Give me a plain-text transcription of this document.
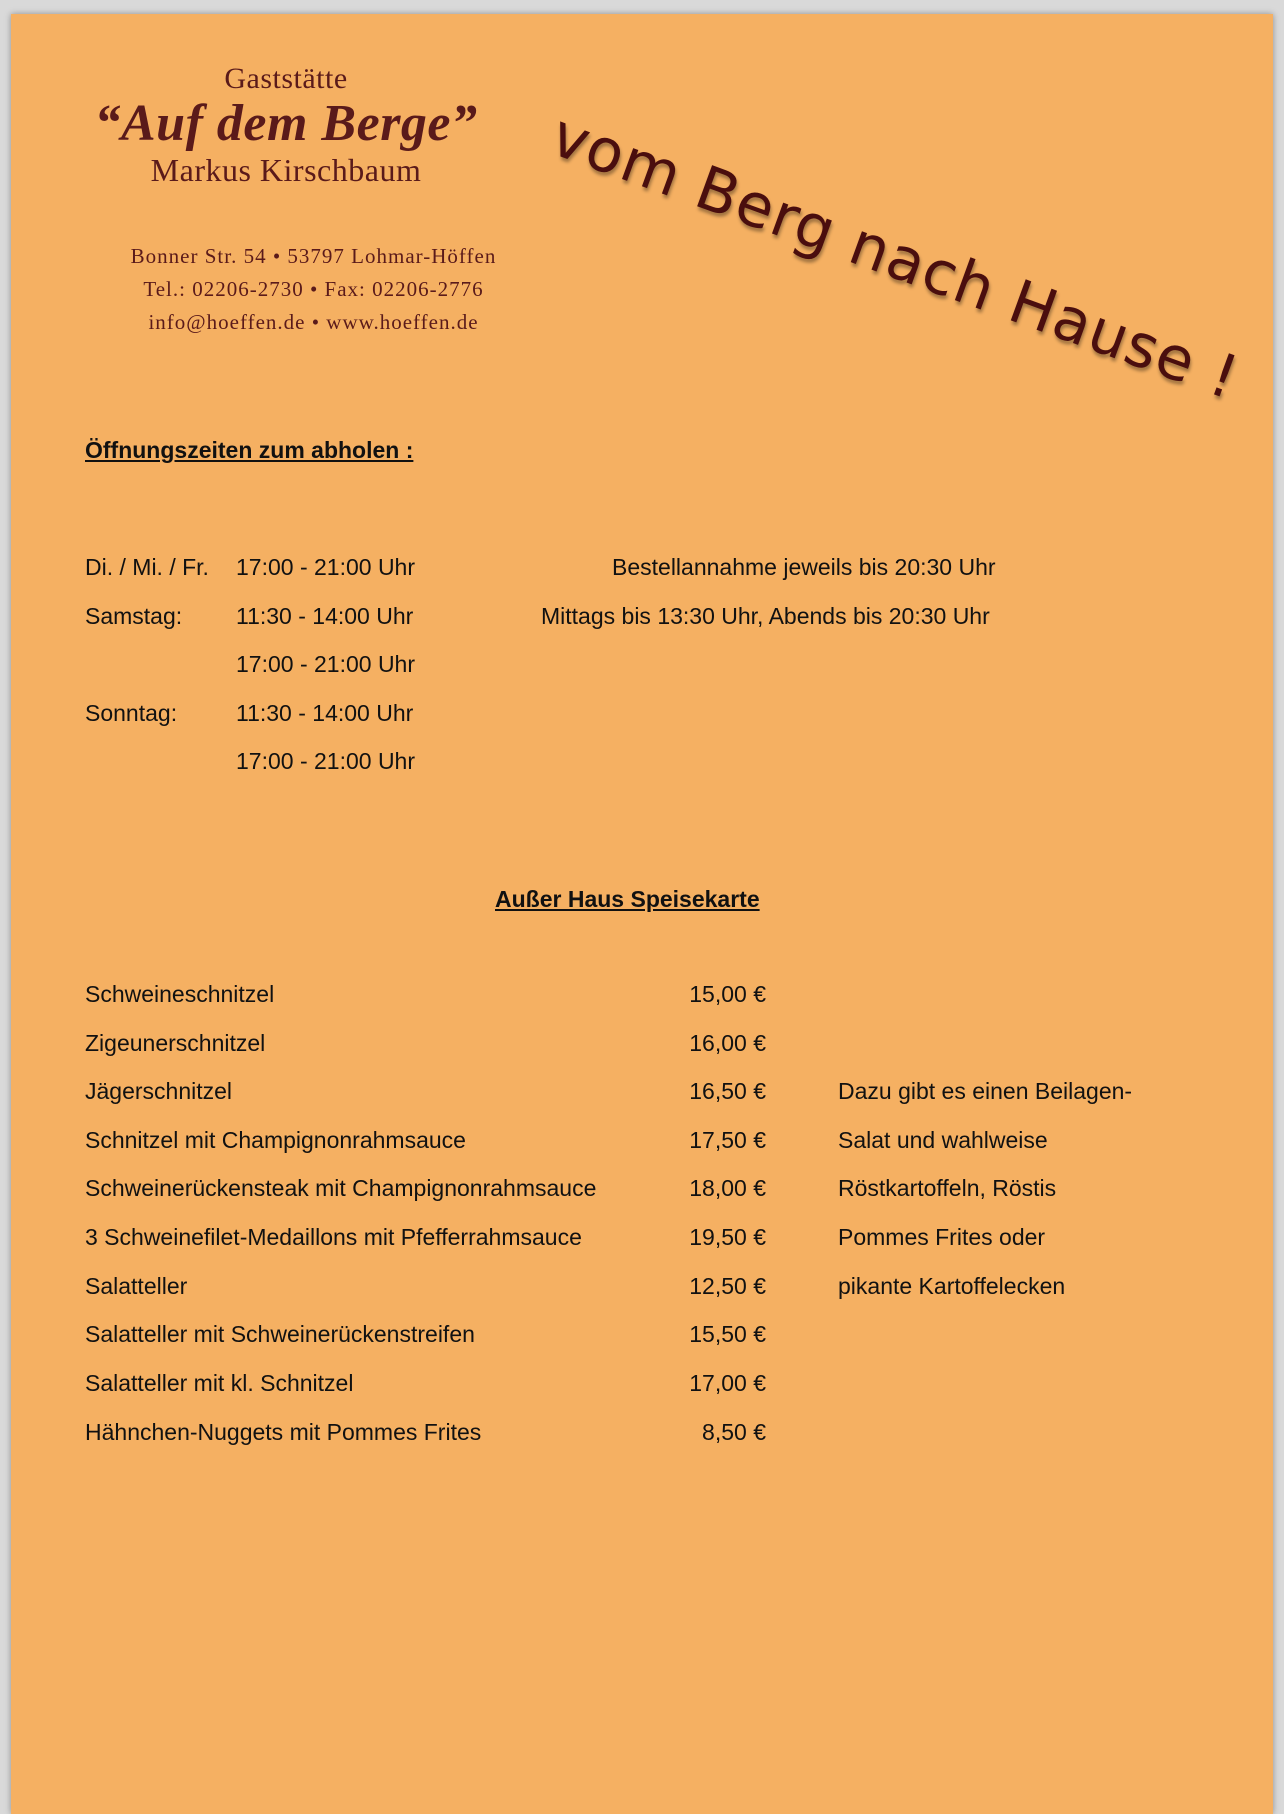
Gaststätte
“Auf dem Berge”
Markus Kirschbaum
Bonner Str. 54 • 53797 Lohmar-Höffen
Tel.: 02206-2730 • Fax: 02206-2776
info@hoeffen.de • www.hoeffen.de	vom Berg nach Hause !
Öffnungszeiten zum abholen :
Di. / Mi. / Fr. 17:00 - 21:00 Uhr	Bestellannahme jeweils bis 20:30 Uhr
Samstag: 11:30 - 14:00 Uhr	Mittags bis 13:30 Uhr, Abends bis 20:30 Uhr
17:00 - 21:00 Uhr
Sonntag:	11:30 - 14:00 Uhr
17:00 - 21:00 Uhr
Außer Haus Speisekarte
Schweineschnitzel	15,00 €
Zigeunerschnitzel	16,00 €
Jägerschnitzel	16,50 €
Schnitzel mit Champignonrahmsauce	17,50 €
Schweinerückensteak mit Champignonrahmsauce	18,00 €
3 Schweinefilet-Medaillons mit Pfefferrahmsauce	19,50 €
Salatteller	12,50 €
Salatteller mit Schweinerückenstreifen	15,50 €
Salatteller mit kl. Schnitzel	17,00 €
Hähnchen-Nuggets mit Pommes Frites	8,50 €
Dazu gibt es einen Beilagen-
Salat und wahlweise
Röstkartoffeln, Röstis
Pommes Frites oder
pikante Kartoffelecken
